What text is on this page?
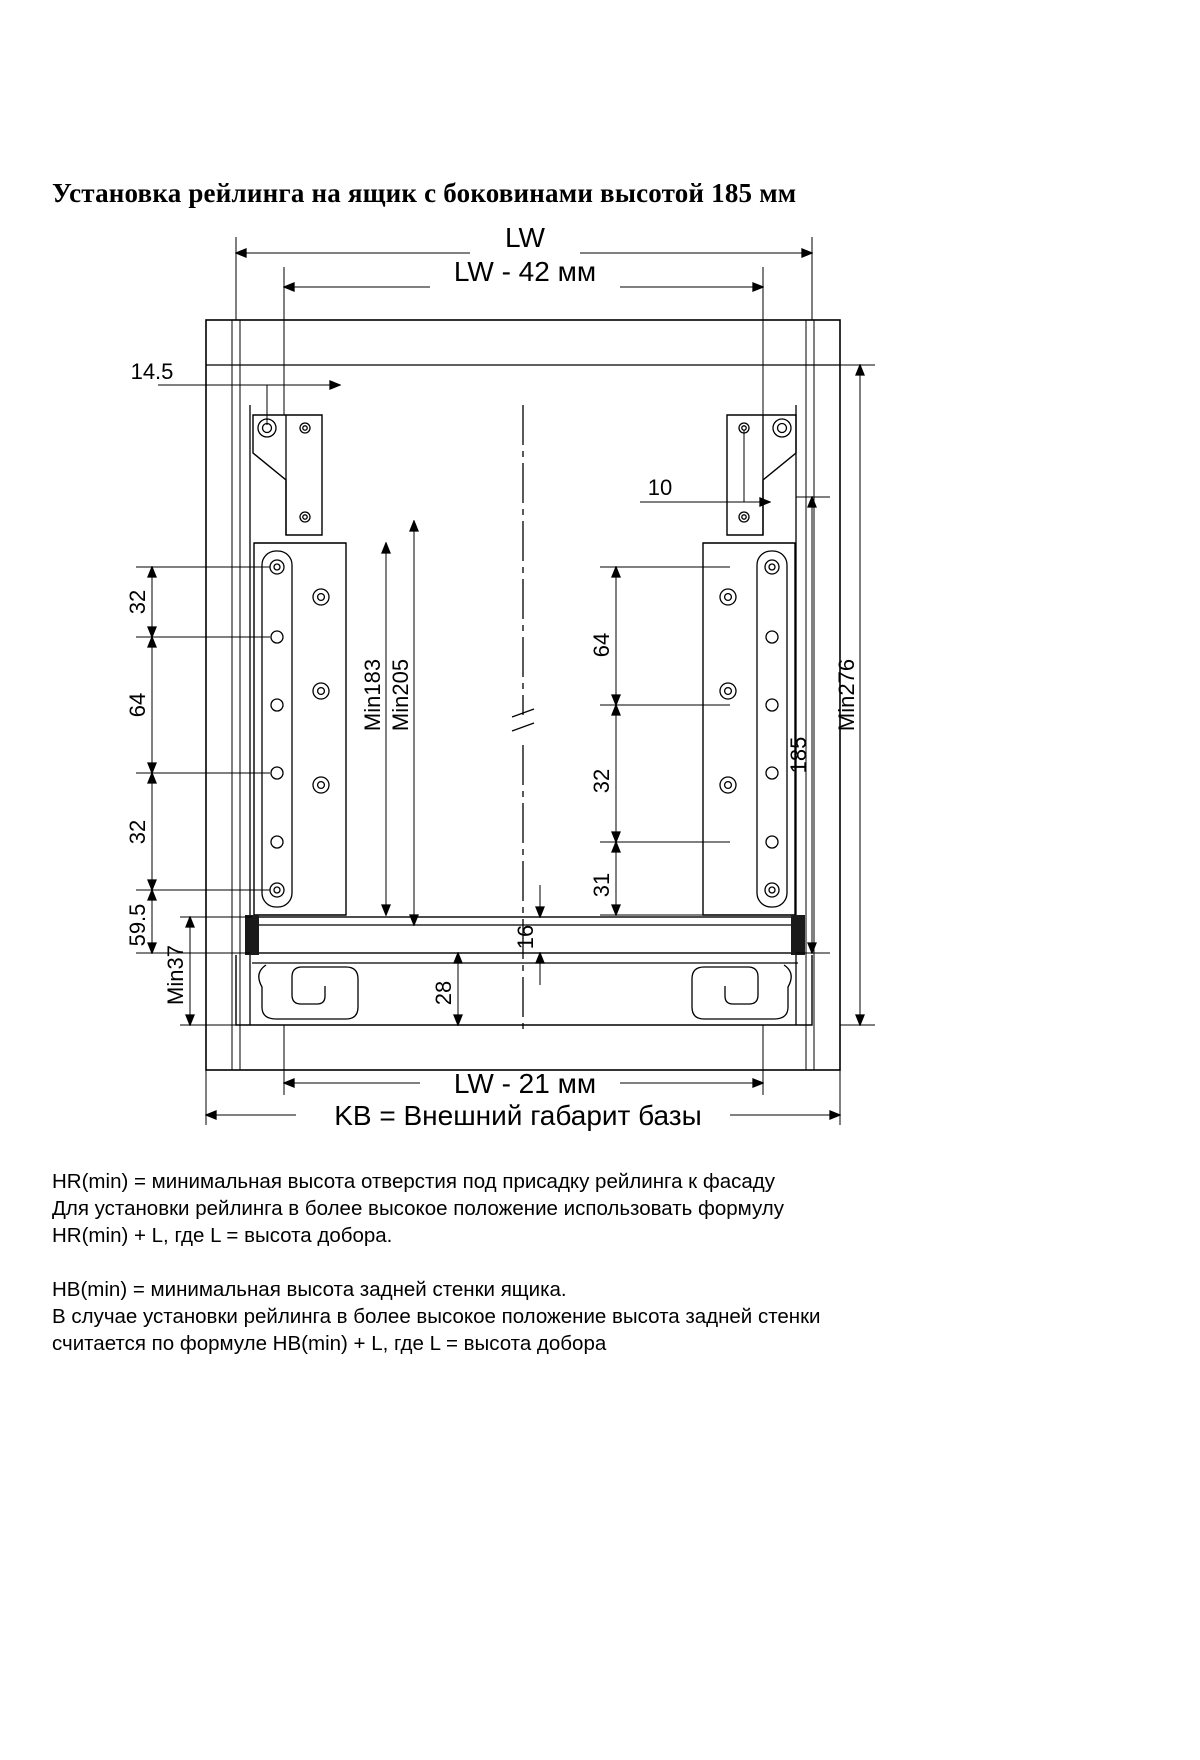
Установка рейлинга на ящик с боковинами высотой 185 мм
LW
LW - 42 мм
14.5
10
32
64
32
59.5
Min37
Min183 Min205
64
32
31
16
28
185
Min276
LW - 21 мм
KB = Внешний габарит базы

HR(min) = минимальная высота отверстия под присадку рейлинга к фасаду

Для установки рейлинга в более высокое положение использовать формулу

HR(min) + L, где L = высота добора.

HB(min) = минимальная высота задней стенки ящика.

В случае установки рейлинга в более высокое положение высота задней стенки

считается по формуле HB(min) + L, где L = высота добора
